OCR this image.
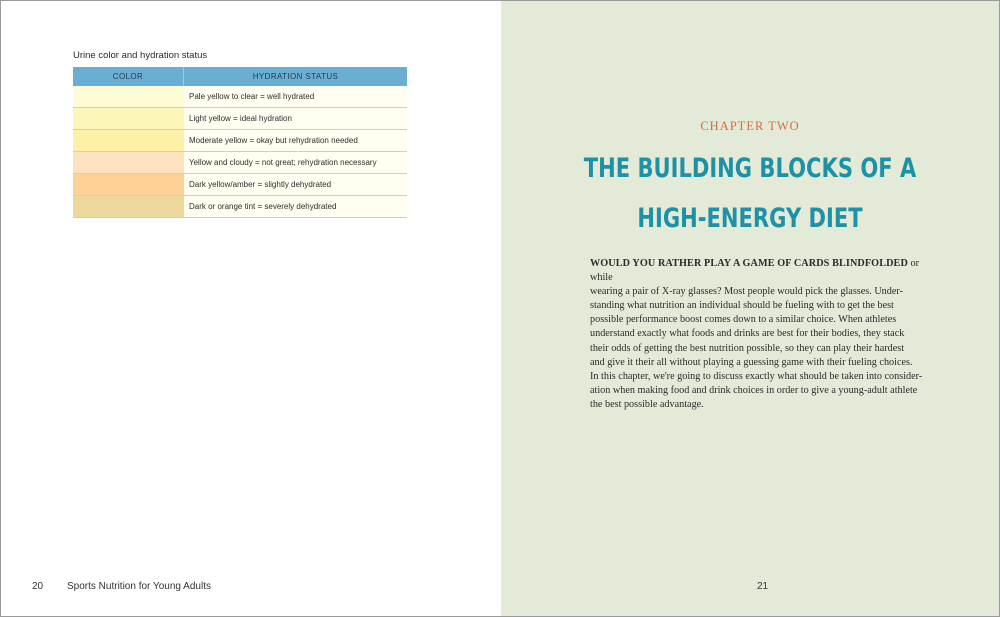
Urine color and hydration status
COLOR	HYDRATION STATUS
Pale yellow to clear = well hydrated
Light yellow = ideal hydration
Moderate yellow = okay but rehydration needed
Yellow and cloudy = not great; rehydration necessary
Dark yellow/amber = slightly dehydrated
Dark or orange tint = severely dehydrated
20 Sports Nutrition for Young Adults
CHAPTER TWO
THE BUILDING BLOCKS OF A
HIGH-ENERGY DIET
WOULD YOU RATHER PLAY A GAME OF CARDS BLINDFOLDED or while
wearing a pair of X-ray glasses? Most people would pick the glasses. Under-
standing what nutrition an individual should be fueling with to get the best
possible performance boost comes down to a similar choice. When athletes
understand exactly what foods and drinks are best for their bodies, they stack
their odds of getting the best nutrition possible, so they can play their hardest
and give it their all without playing a guessing game with their fueling choices.
In this chapter, we're going to discuss exactly what should be taken into consider-
ation when making food and drink choices in order to give a young-adult athlete
the best possible advantage.
21
